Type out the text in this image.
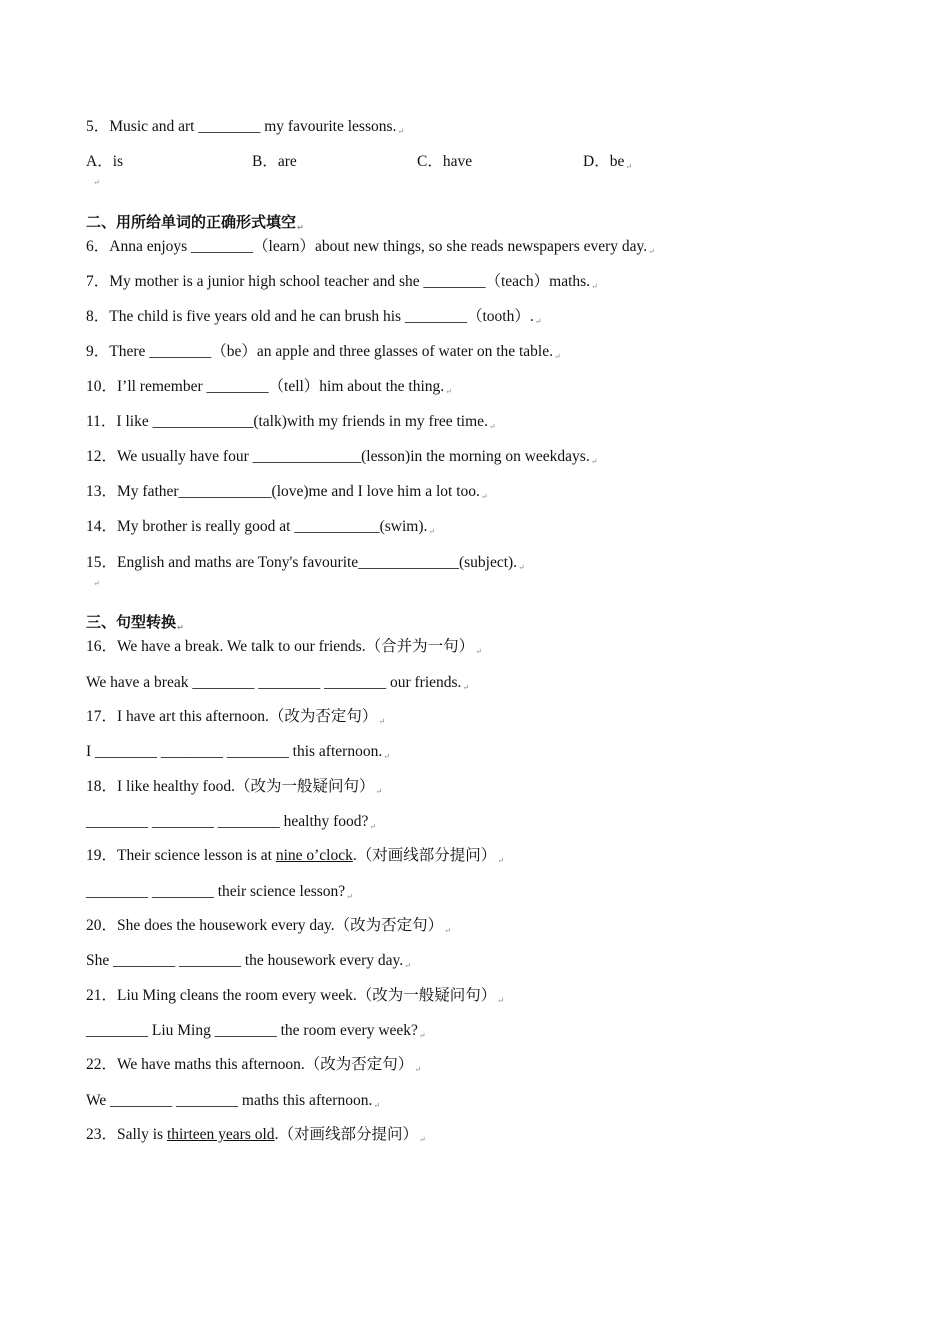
5．Music and art ________ my favourite lessons.↵
A．is	B．are	C．have	D．be↵
↵
二、用所给单词的正确形式填空$_↵$
6．Anna enjoys ________（learn）about new things, so she reads newspapers every day.↵
7．My mother is a junior high school teacher and she ________（teach）maths.↵
8．The child is five years old and he can brush his ________（tooth）.↵
9．There ________（be）an apple and three glasses of water on the table.↵
10．I’ll remember ________（tell）him about the thing.↵
11．I like _____________(talk)with my friends in my free time.↵
12．We usually have four ______________(lesson)in the morning on weekdays.↵
13．My father____________(love)me and I love him a lot too.↵
14．My brother is really good at ___________(swim).↵
15．English and maths are Tony's favourite_____________(subject).↵
↵
三、句型转换$_↵$
16．We have a break. We talk to our friends.（合并为一句）↵
We have a break ________ ________ ________ our friends.↵
17．I have art this afternoon.（改为否定句）↵
I ________ ________ ________ this afternoon.↵
18．I like healthy food.（改为一般疑问句）↵
________ ________ ________ healthy food?↵
19．Their science lesson is at nine o’clock.（对画线部分提问）↵
________ ________ their science lesson?↵
20．She does the housework every day.（改为否定句）↵
She ________ ________ the housework every day.↵
21．Liu Ming cleans the room every week.（改为一般疑问句）↵
________ Liu Ming ________ the room every week?↵
22．We have maths this afternoon.（改为否定句）↵
We ________ ________ maths this afternoon.↵
23．Sally is thirteen years old.（对画线部分提问）↵
